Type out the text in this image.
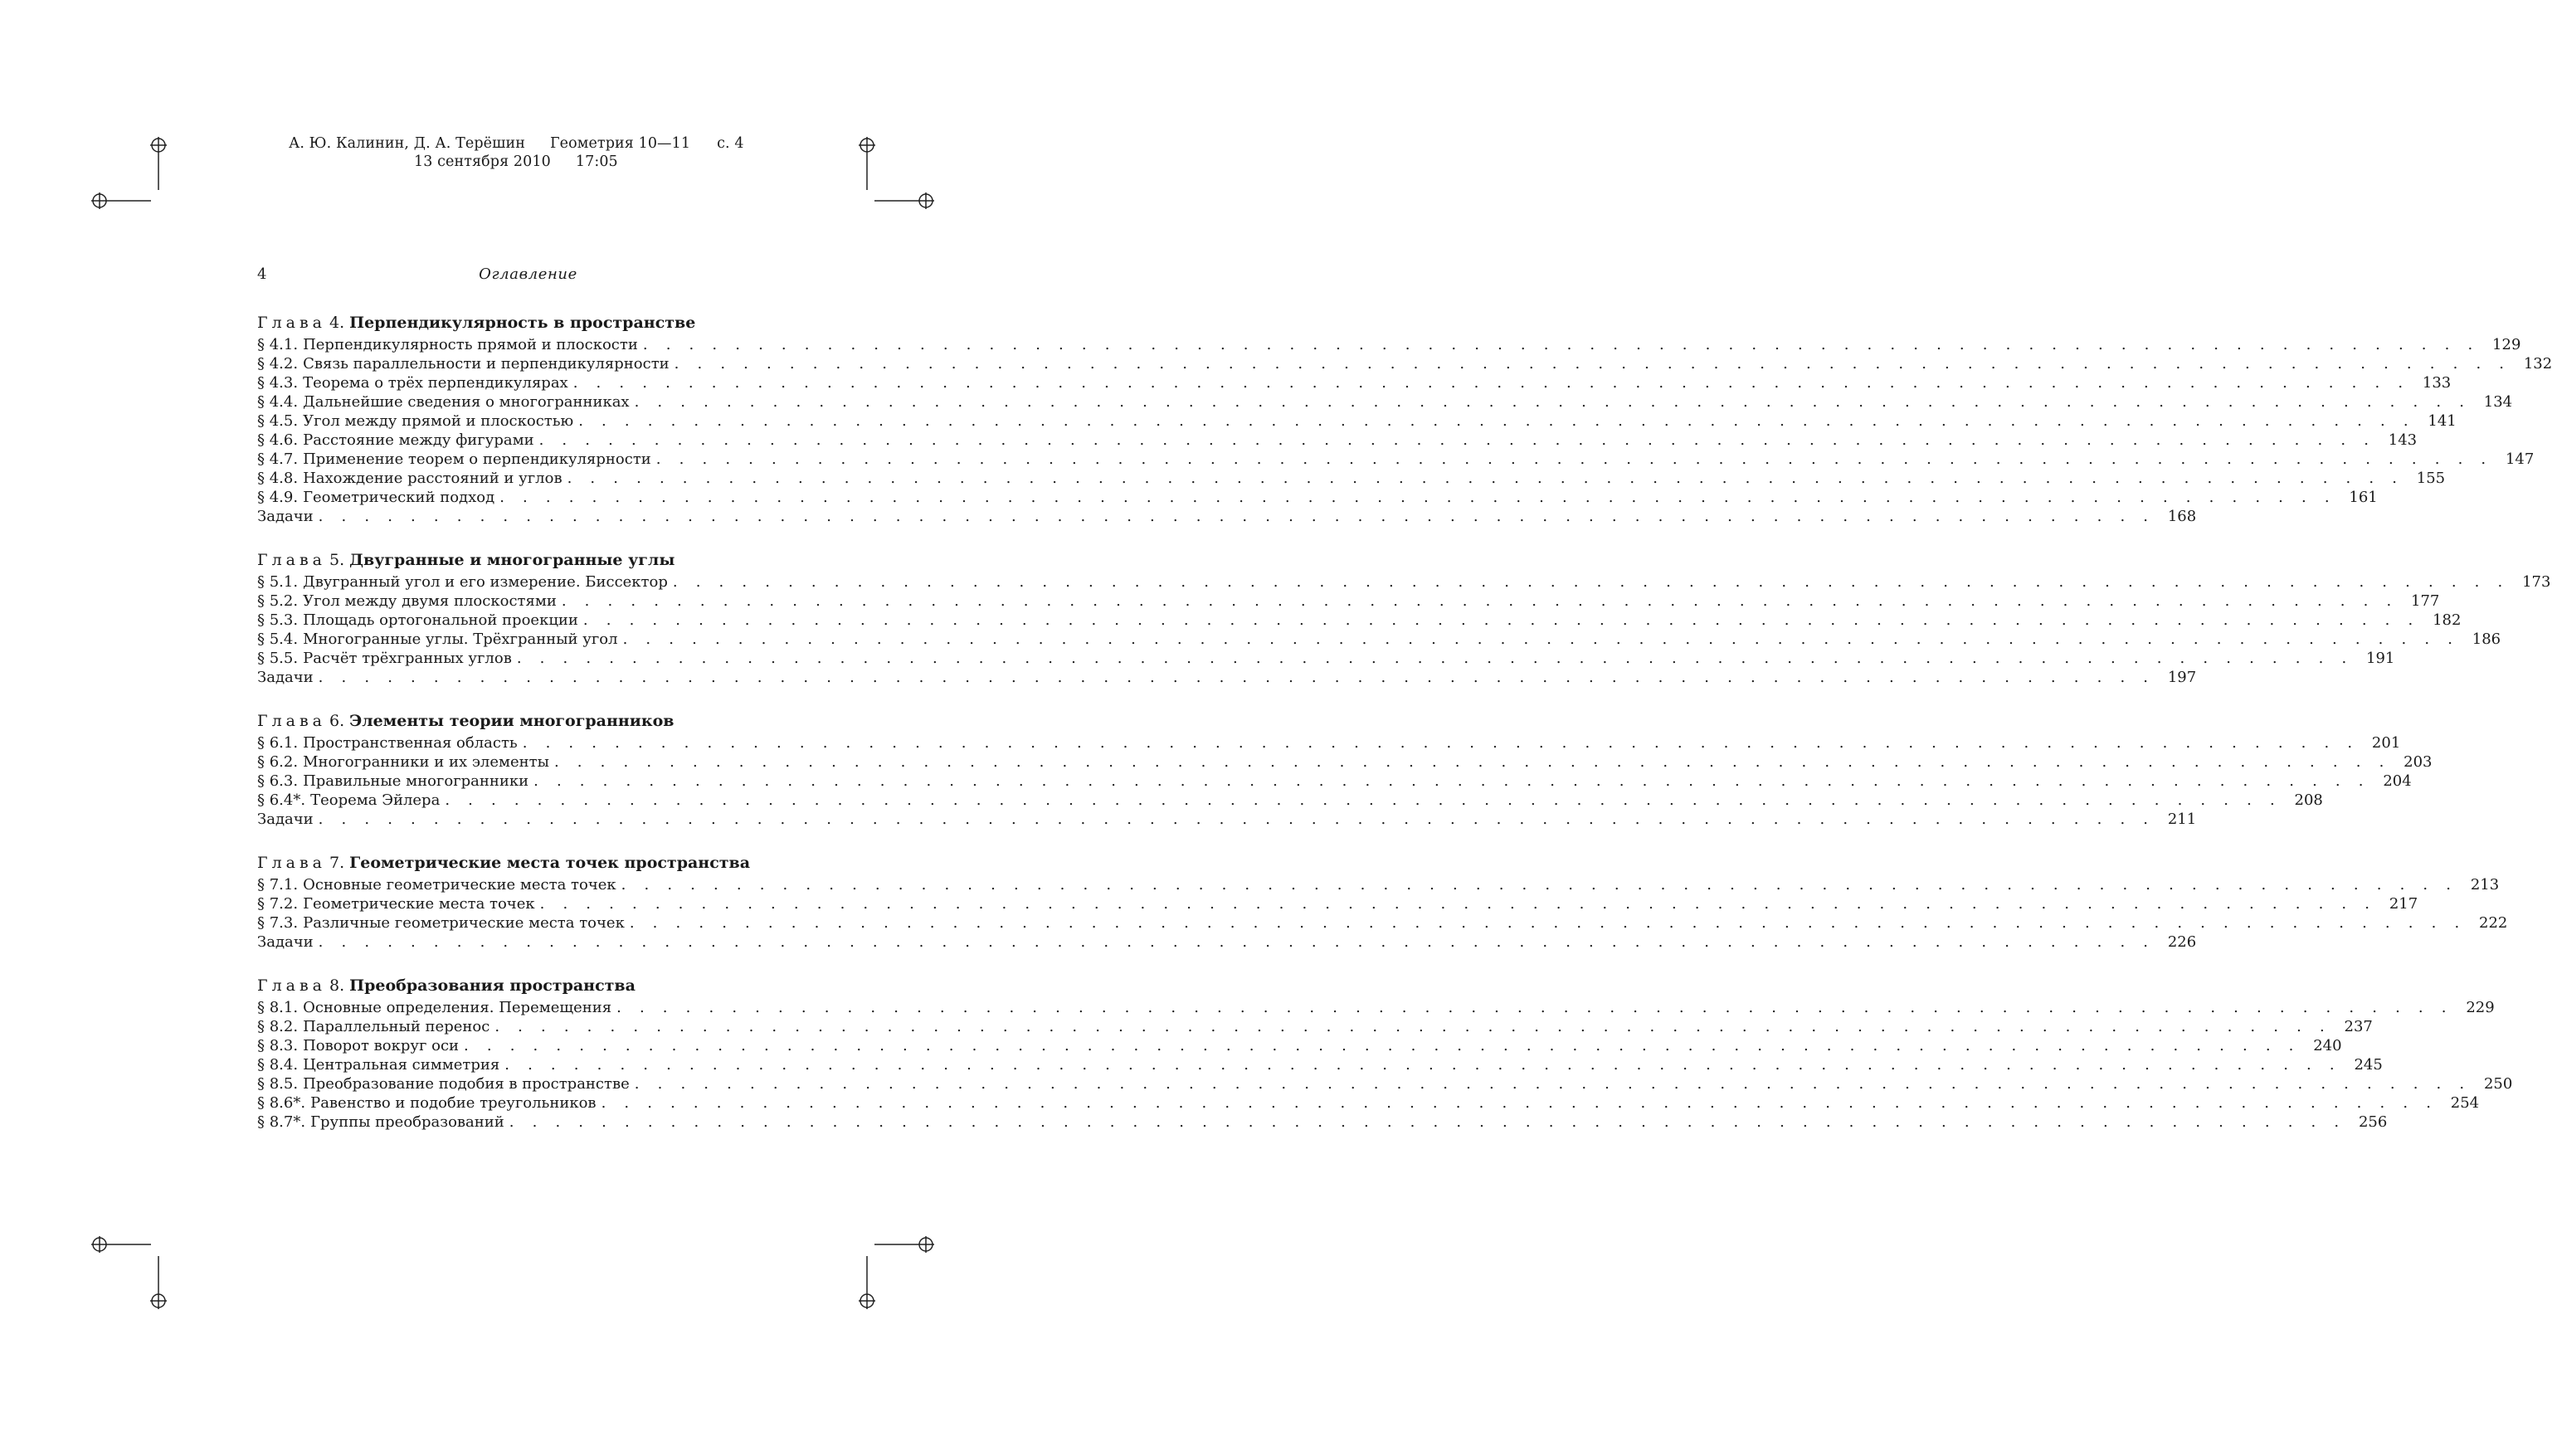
А. Ю. Калинин, Д. А. Терёшин Геометрия 10—11 с. 4
13 сентября 2010 17:05
4	Оглавление
Глава 4. Перпендикулярность в пространстве
§ 4.1. Перпендикулярность прямой и плоскости . . . . . . . . . . . . . . . . . . . . . . . . . . . . . . . . . . . . . . . . . . . . . . . . . . . . . . . . . . . . . . . . . . . . . . . . . . . . . . . . 129
§ 4.2. Связь параллельности и перпендикулярности . . . . . . . . . . . . . . . . . . . . . . . . . . . . . . . . . . . . . . . . . . . . . . . . . . . . . . . . . . . . . . . . . . . . . . . . . . . . . . . . 132
§ 4.3. Теорема о трёх перпендикулярах . . . . . . . . . . . . . . . . . . . . . . . . . . . . . . . . . . . . . . . . . . . . . . . . . . . . . . . . . . . . . . . . . . . . . . . . . . . . . . . . 133
§ 4.4. Дальнейшие сведения о многогранниках . . . . . . . . . . . . . . . . . . . . . . . . . . . . . . . . . . . . . . . . . . . . . . . . . . . . . . . . . . . . . . . . . . . . . . . . . . . . . . . . 134
§ 4.5. Угол между прямой и плоскостью . . . . . . . . . . . . . . . . . . . . . . . . . . . . . . . . . . . . . . . . . . . . . . . . . . . . . . . . . . . . . . . . . . . . . . . . . . . . . . . . 141
§ 4.6. Расстояние между фигурами . . . . . . . . . . . . . . . . . . . . . . . . . . . . . . . . . . . . . . . . . . . . . . . . . . . . . . . . . . . . . . . . . . . . . . . . . . . . . . . . 143
§ 4.7. Применение теорем о перпендикулярности . . . . . . . . . . . . . . . . . . . . . . . . . . . . . . . . . . . . . . . . . . . . . . . . . . . . . . . . . . . . . . . . . . . . . . . . . . . . . . . . 147
§ 4.8. Нахождение расстояний и углов . . . . . . . . . . . . . . . . . . . . . . . . . . . . . . . . . . . . . . . . . . . . . . . . . . . . . . . . . . . . . . . . . . . . . . . . . . . . . . . . 155
§ 4.9. Геометрический подход . . . . . . . . . . . . . . . . . . . . . . . . . . . . . . . . . . . . . . . . . . . . . . . . . . . . . . . . . . . . . . . . . . . . . . . . . . . . . . . . 161
Задачи . . . . . . . . . . . . . . . . . . . . . . . . . . . . . . . . . . . . . . . . . . . . . . . . . . . . . . . . . . . . . . . . . . . . . . . . . . . . . . . . 168
Глава 5. Двугранные и многогранные углы
§ 5.1. Двугранный угол и его измерение. Биссектор . . . . . . . . . . . . . . . . . . . . . . . . . . . . . . . . . . . . . . . . . . . . . . . . . . . . . . . . . . . . . . . . . . . . . . . . . . . . . . . . 173
§ 5.2. Угол между двумя плоскостями . . . . . . . . . . . . . . . . . . . . . . . . . . . . . . . . . . . . . . . . . . . . . . . . . . . . . . . . . . . . . . . . . . . . . . . . . . . . . . . . 177
§ 5.3. Площадь ортогональной проекции . . . . . . . . . . . . . . . . . . . . . . . . . . . . . . . . . . . . . . . . . . . . . . . . . . . . . . . . . . . . . . . . . . . . . . . . . . . . . . . . 182
§ 5.4. Многогранные углы. Трёхгранный угол . . . . . . . . . . . . . . . . . . . . . . . . . . . . . . . . . . . . . . . . . . . . . . . . . . . . . . . . . . . . . . . . . . . . . . . . . . . . . . . . 186
§ 5.5. Расчёт трёхгранных углов . . . . . . . . . . . . . . . . . . . . . . . . . . . . . . . . . . . . . . . . . . . . . . . . . . . . . . . . . . . . . . . . . . . . . . . . . . . . . . . . 191
Задачи . . . . . . . . . . . . . . . . . . . . . . . . . . . . . . . . . . . . . . . . . . . . . . . . . . . . . . . . . . . . . . . . . . . . . . . . . . . . . . . . 197
Глава 6. Элементы теории многогранников
§ 6.1. Пространственная область . . . . . . . . . . . . . . . . . . . . . . . . . . . . . . . . . . . . . . . . . . . . . . . . . . . . . . . . . . . . . . . . . . . . . . . . . . . . . . . . 201
§ 6.2. Многогранники и их элементы . . . . . . . . . . . . . . . . . . . . . . . . . . . . . . . . . . . . . . . . . . . . . . . . . . . . . . . . . . . . . . . . . . . . . . . . . . . . . . . . 203
§ 6.3. Правильные многогранники . . . . . . . . . . . . . . . . . . . . . . . . . . . . . . . . . . . . . . . . . . . . . . . . . . . . . . . . . . . . . . . . . . . . . . . . . . . . . . . . 204
§ 6.4*. Теорема Эйлера . . . . . . . . . . . . . . . . . . . . . . . . . . . . . . . . . . . . . . . . . . . . . . . . . . . . . . . . . . . . . . . . . . . . . . . . . . . . . . . . 208
Задачи . . . . . . . . . . . . . . . . . . . . . . . . . . . . . . . . . . . . . . . . . . . . . . . . . . . . . . . . . . . . . . . . . . . . . . . . . . . . . . . . 211
Глава 7. Геометрические места точек пространства
§ 7.1. Основные геометрические места точек . . . . . . . . . . . . . . . . . . . . . . . . . . . . . . . . . . . . . . . . . . . . . . . . . . . . . . . . . . . . . . . . . . . . . . . . . . . . . . . . 213
§ 7.2. Геометрические места точек . . . . . . . . . . . . . . . . . . . . . . . . . . . . . . . . . . . . . . . . . . . . . . . . . . . . . . . . . . . . . . . . . . . . . . . . . . . . . . . . 217
§ 7.3. Различные геометрические места точек . . . . . . . . . . . . . . . . . . . . . . . . . . . . . . . . . . . . . . . . . . . . . . . . . . . . . . . . . . . . . . . . . . . . . . . . . . . . . . . . 222
Задачи . . . . . . . . . . . . . . . . . . . . . . . . . . . . . . . . . . . . . . . . . . . . . . . . . . . . . . . . . . . . . . . . . . . . . . . . . . . . . . . . 226
Глава 8. Преобразования пространства
§ 8.1. Основные определения. Перемещения . . . . . . . . . . . . . . . . . . . . . . . . . . . . . . . . . . . . . . . . . . . . . . . . . . . . . . . . . . . . . . . . . . . . . . . . . . . . . . . . 229
§ 8.2. Параллельный перенос . . . . . . . . . . . . . . . . . . . . . . . . . . . . . . . . . . . . . . . . . . . . . . . . . . . . . . . . . . . . . . . . . . . . . . . . . . . . . . . . 237
§ 8.3. Поворот вокруг оси . . . . . . . . . . . . . . . . . . . . . . . . . . . . . . . . . . . . . . . . . . . . . . . . . . . . . . . . . . . . . . . . . . . . . . . . . . . . . . . . 240
§ 8.4. Центральная симметрия . . . . . . . . . . . . . . . . . . . . . . . . . . . . . . . . . . . . . . . . . . . . . . . . . . . . . . . . . . . . . . . . . . . . . . . . . . . . . . . . 245
§ 8.5. Преобразование подобия в пространстве . . . . . . . . . . . . . . . . . . . . . . . . . . . . . . . . . . . . . . . . . . . . . . . . . . . . . . . . . . . . . . . . . . . . . . . . . . . . . . . . 250
§ 8.6*. Равенство и подобие треугольников . . . . . . . . . . . . . . . . . . . . . . . . . . . . . . . . . . . . . . . . . . . . . . . . . . . . . . . . . . . . . . . . . . . . . . . . . . . . . . . . 254
§ 8.7*. Группы преобразований . . . . . . . . . . . . . . . . . . . . . . . . . . . . . . . . . . . . . . . . . . . . . . . . . . . . . . . . . . . . . . . . . . . . . . . . . . . . . . . . 256
